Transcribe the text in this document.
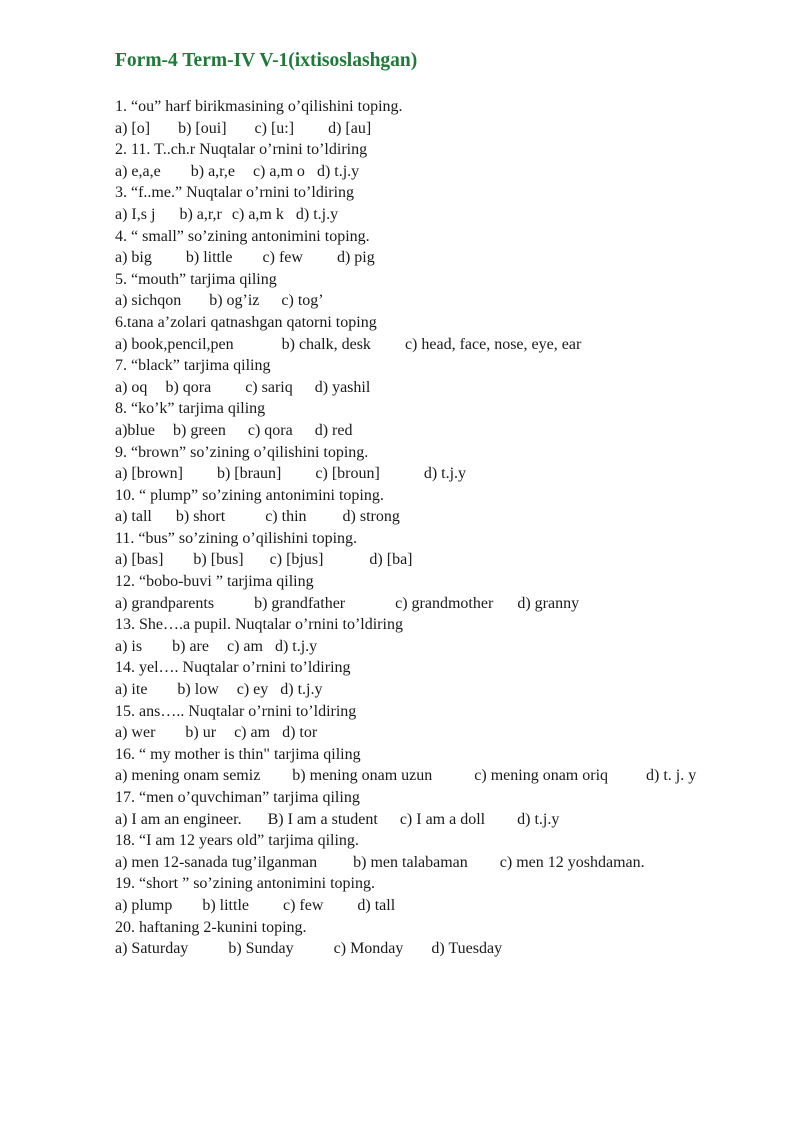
Form-4 Term-IV V-1(ixtisoslashgan)
1. “ou” harf birikmasining o’qilishini toping.
a) [o] b) [oui] c) [u:] d) [au]
2. 11. T..ch.r Nuqtalar o’rnini to’ldiring
a) e,a,e b) a,r,e c) a,m o d) t.j.y
3. “f..me.” Nuqtalar o’rnini to’ldiring
a) I,s j b) a,r,r c) a,m k d) t.j.y
4. “ small” so’zining antonimini toping.
a) big b) little c) few d) pig
5. “mouth” tarjima qiling
a) sichqon b) og’iz c) tog’
6.tana a’zolari qatnashgan qatorni toping
a) book,pencil,pen	b) chalk, desk c) head, face, nose, eye, ear
7. “black” tarjima qiling
a) oq b) qora c) sariq d) yashil
8. “ko’k” tarjima qiling
a)blue b) green c) qora d) red
9. “brown” so’zining o’qilishini toping.
a) [brown] b) [braun] c) [broun]	d) t.j.y
10. “ plump” so’zining antonimini toping.
a) tall b) short	c) thin d) strong
11. “bus” so’zining o’qilishini toping.
a) [bas] b) [bus] c) [bjus]	d) [ba]
12. “bobo-buvi ” tarjima qiling
a) grandparents	b) grandfather	c) grandmother d) granny
13. She….a pupil. Nuqtalar o’rnini to’ldiring
a) is b) are c) am d) t.j.y
14. yel…. Nuqtalar o’rnini to’ldiring
a) ite b) low c) ey d) t.j.y
15. ans….. Nuqtalar o’rnini to’ldiring
a) wer b) ur c) am d) tor
16. “ my mother is thin" tarjima qiling
a) mening onam semiz b) mening onam uzun	c) mening onam oriq d) t. j. y
17. “men o’quvchiman” tarjima qiling
a) I am an engineer. B) I am a student c) I am a doll d) t.j.y
18. “I am 12 years old” tarjima qiling.
a) men 12-sanada tug’ilganman b) men talabaman c) men 12 yoshdaman.
19. “short ” so’zining antonimini toping.
a) plump b) little c) few d) tall
20. haftaning 2-kunini toping.
a) Saturday	b) Sunday	c) Monday d) Tuesday
